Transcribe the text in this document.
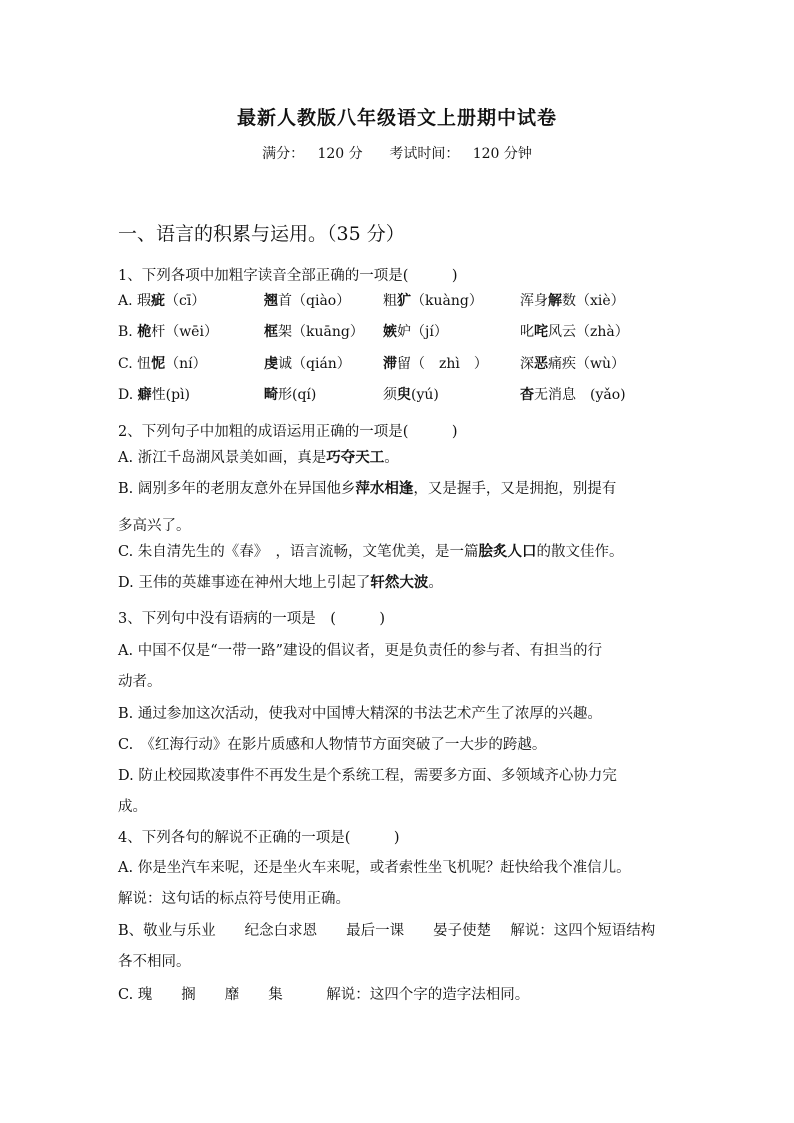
最新人教版八年级语文上册期中试卷
满分： 120 分 考试时间： 120 分钟
一、语言的积累与运用。（35 分）
1、下列各项中加粗字读音全部正确的一项是(　　　)
A. 瑕疵（cī）	翘首（qiào） 粗犷（kuàng）	浑身解数（xiè）
B. 桅杆（wēi）	框架（kuāng） 嫉妒（jí）	叱咤风云（zhà）
C. 忸怩（ní）	虔诚（qián） 滞留（　zhì　） 深恶痛疾（wù）
D. 癖性(pì)	畸形(qí)	须臾(yú)	杳无消息　(yǎo)
2、下列句子中加粗的成语运用正确的一项是(　　　)
A. 浙江千岛湖风景美如画，真是巧夺天工。
B. 阔别多年的老朋友意外在异国他乡萍水相逢，又是握手，又是拥抱，别提有
多高兴了。
C. 朱自清先生的《春》　，语言流畅，文笔优美，是一篇脍炙人口的散文佳作。
D. 王伟的英雄事迹在神州大地上引起了轩然大波。
3、下列句中没有语病的一项是　(　　　)
A. 中国不仅是“一带一路”建设的倡议者，更是负责任的参与者、有担当的行
动者。
B. 通过参加这次活动，使我对中国博大精深的书法艺术产生了浓厚的兴趣。
C.　《红海行动》在影片质感和人物情节方面突破了一大步的跨越。
D. 防止校园欺凌事件不再发生是个系统工程，需要多方面、多领域齐心协力完
成。
4、下列各句的解说不正确的一项是(　　　)
A. 你是坐汽车来呢，还是坐火车来呢，或者索性坐飞机呢？赶快给我个准信儿。
解说：这句话的标点符号使用正确。
B、敬业与乐业　　纪念白求恩　　最后一课　　晏子使楚　 解说：这四个短语结构
各不相同。
C. 瑰　　搁　　靡　　集　　　解说：这四个字的造字法相同。
